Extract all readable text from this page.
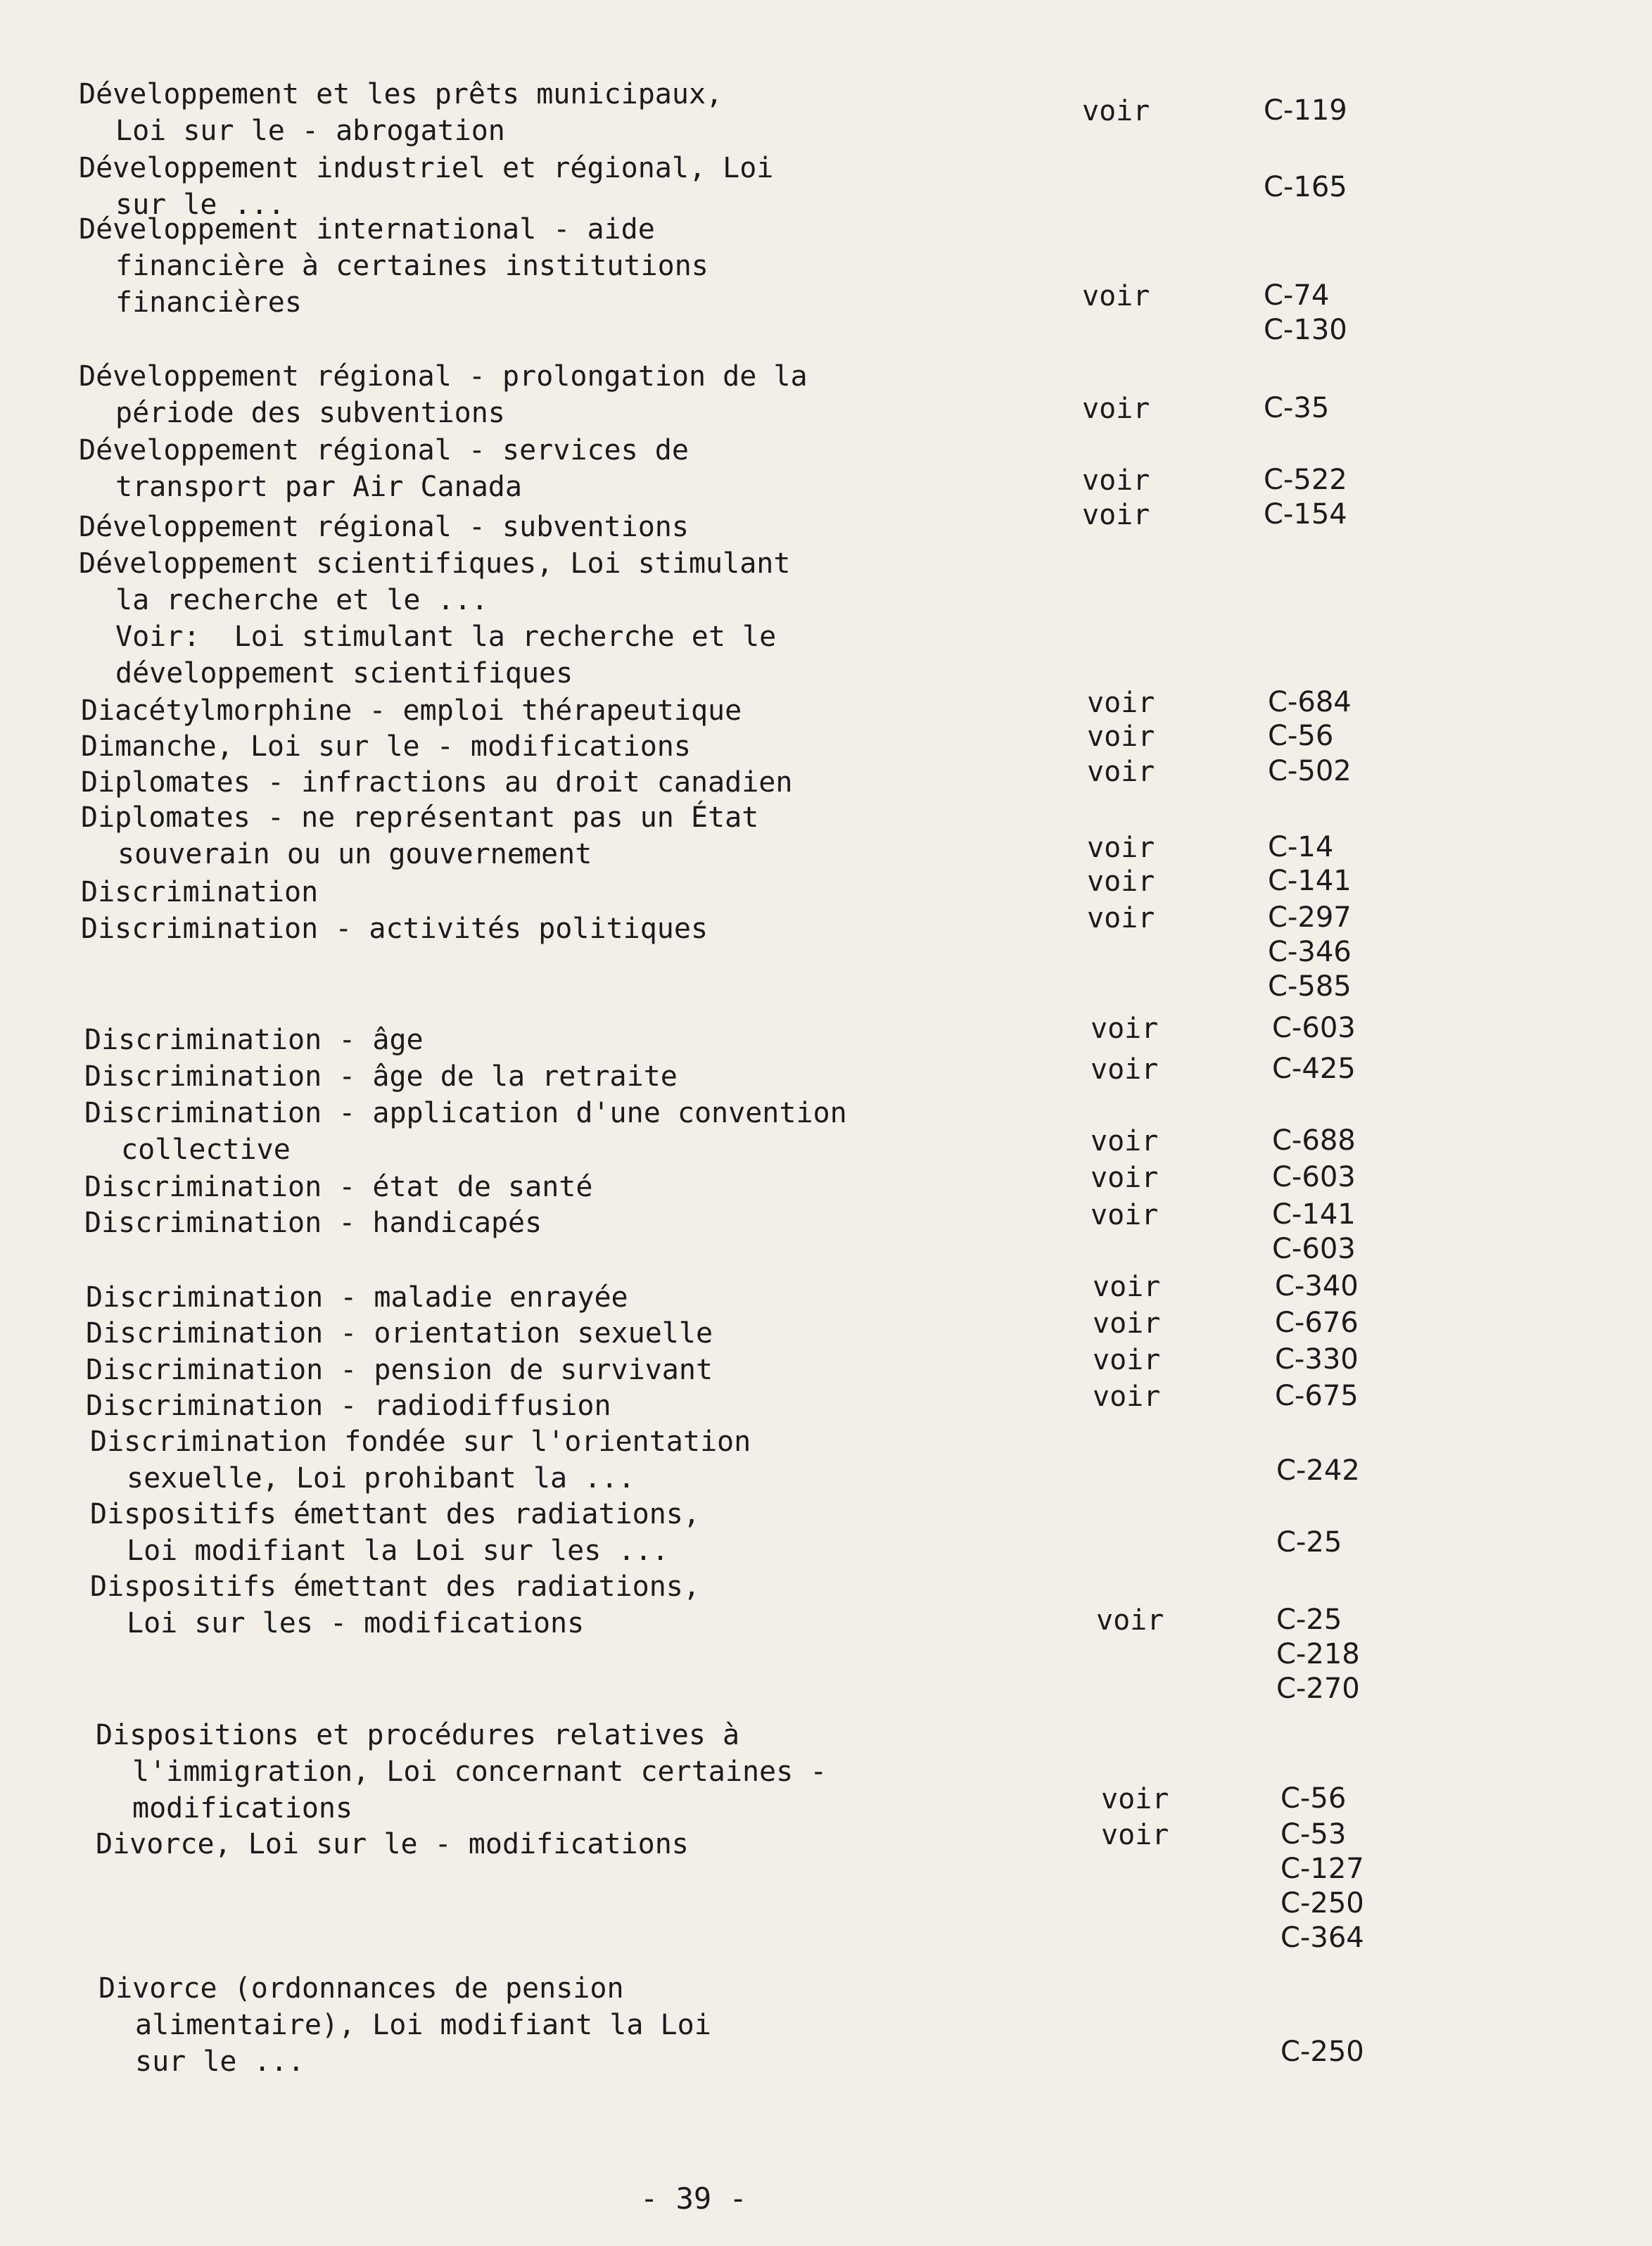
Développement et les prêts municipaux,
Loi sur le - abrogation
voir	C-119
Développement industriel et régional, Loi
sur le ...
C-165
Développement international - aide
financière à certaines institutions
financières	voir	C-74
C-130
Développement régional - prolongation de la
période des subventions	voir	C-35
Développement régional - services de
transport par Air Canada	voir	C-522
Développement régional - subventions	voir	C-154
Développement scientifiques, Loi stimulant
la recherche et le ...
Voir:  Loi stimulant la recherche et le
développement scientifiques
Diacétylmorphine - emploi thérapeutique	voir	C-684
Dimanche, Loi sur le - modifications	voir	C-56
Diplomates - infractions au droit canadien	voir	C-502
Diplomates - ne représentant pas un État
souverain ou un gouvernement	voir	C-14
Discrimination	voir	C-141
Discrimination - activités politiques	voir	C-297
C-346
C-585
Discrimination - âge	voir	C-603
Discrimination - âge de la retraite	voir	C-425
Discrimination - application d'une convention
collective	voir	C-688
Discrimination - état de santé	voir	C-603
Discrimination - handicapés	voir	C-141
C-603
Discrimination - maladie enrayée	voir	C-340
Discrimination - orientation sexuelle	voir	C-676
Discrimination - pension de survivant	voir	C-330
Discrimination - radiodiffusion	voir	C-675
Discrimination fondée sur l'orientation
sexuelle, Loi prohibant la ...	C-242
Dispositifs émettant des radiations,
Loi modifiant la Loi sur les ...	C-25
Dispositifs émettant des radiations,
Loi sur les - modifications	voir	C-25
C-218
C-270
Dispositions et procédures relatives à
l'immigration, Loi concernant certaines -
modifications	voir	C-56
Divorce, Loi sur le - modifications	voir	C-53
C-127
C-250
C-364
Divorce (ordonnances de pension
alimentaire), Loi modifiant la Loi
sur le ...	C-250
- 39 -
